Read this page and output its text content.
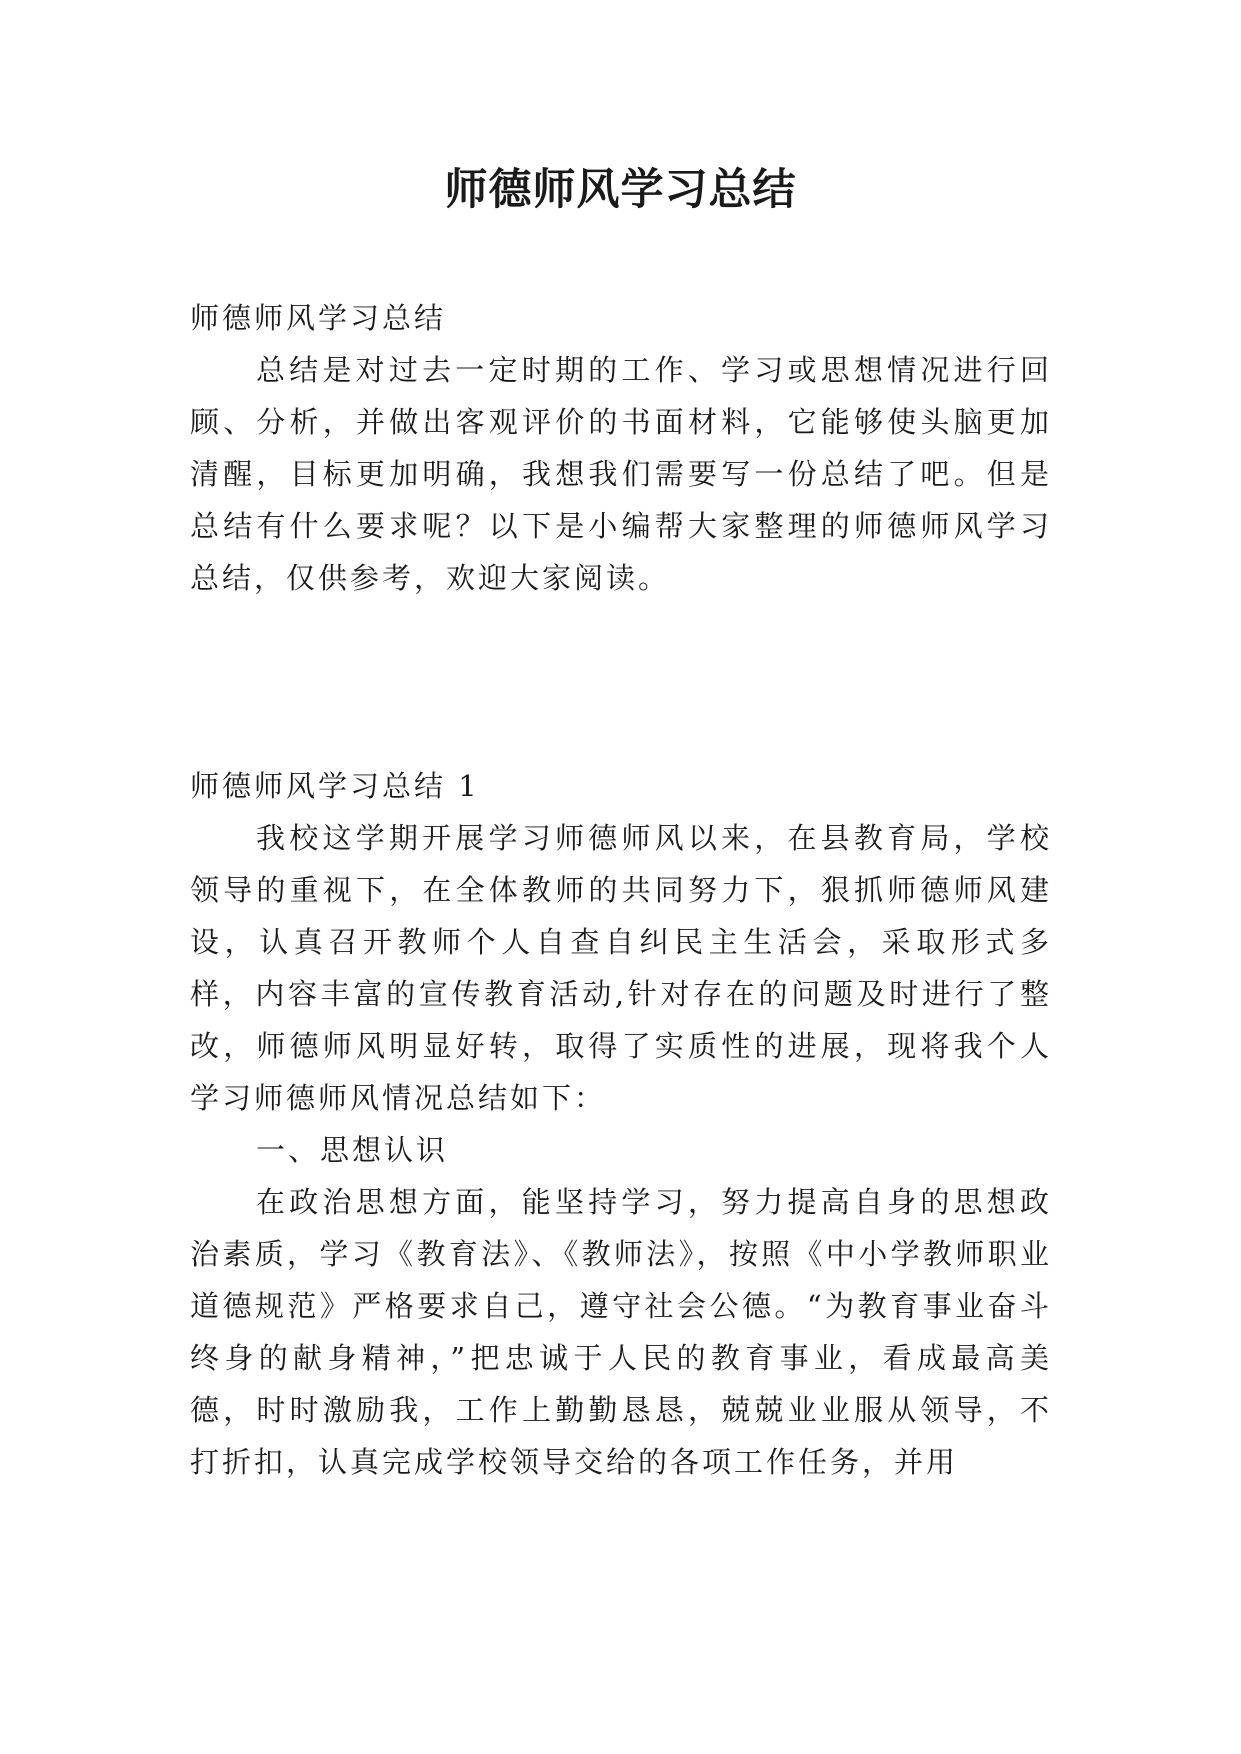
师德师风学习总结

师德师风学习总结

总结是对过去一定时期的工作、学习或思想情况进行回顾、分析，并做出客观评价的书面材料，它能够使头脑更加清醒，目标更加明确，我想我们需要写一份总结了吧。但是总结有什么要求呢？以下是小编帮大家整理的师德师风学习总结，仅供参考，欢迎大家阅读。

师德师风学习总结 1

我校这学期开展学习师德师风以来，在县教育局，学校领导的重视下，在全体教师的共同努力下，狠抓师德师风建设，认真召开教师个人自查自纠民主生活会，采取形式多样，内容丰富的宣传教育活动,针对存在的问题及时进行了整改，师德师风明显好转，取得了实质性的进展，现将我个人学习师德师风情况总结如下：

一、思想认识

在政治思想方面，能坚持学习，努力提高自身的思想政治素质，学习《教育法》、《教师法》，按照《中小学教师职业道德规范》严格要求自己，遵守社会公德。“为教育事业奋斗终身的献身精神，”把忠诚于人民的教育事业，看成最高美德，时时激励我，工作上勤勤恳恳，兢兢业业服从领导，不打折扣，认真完成学校领导交给的各项工作任务，并用
